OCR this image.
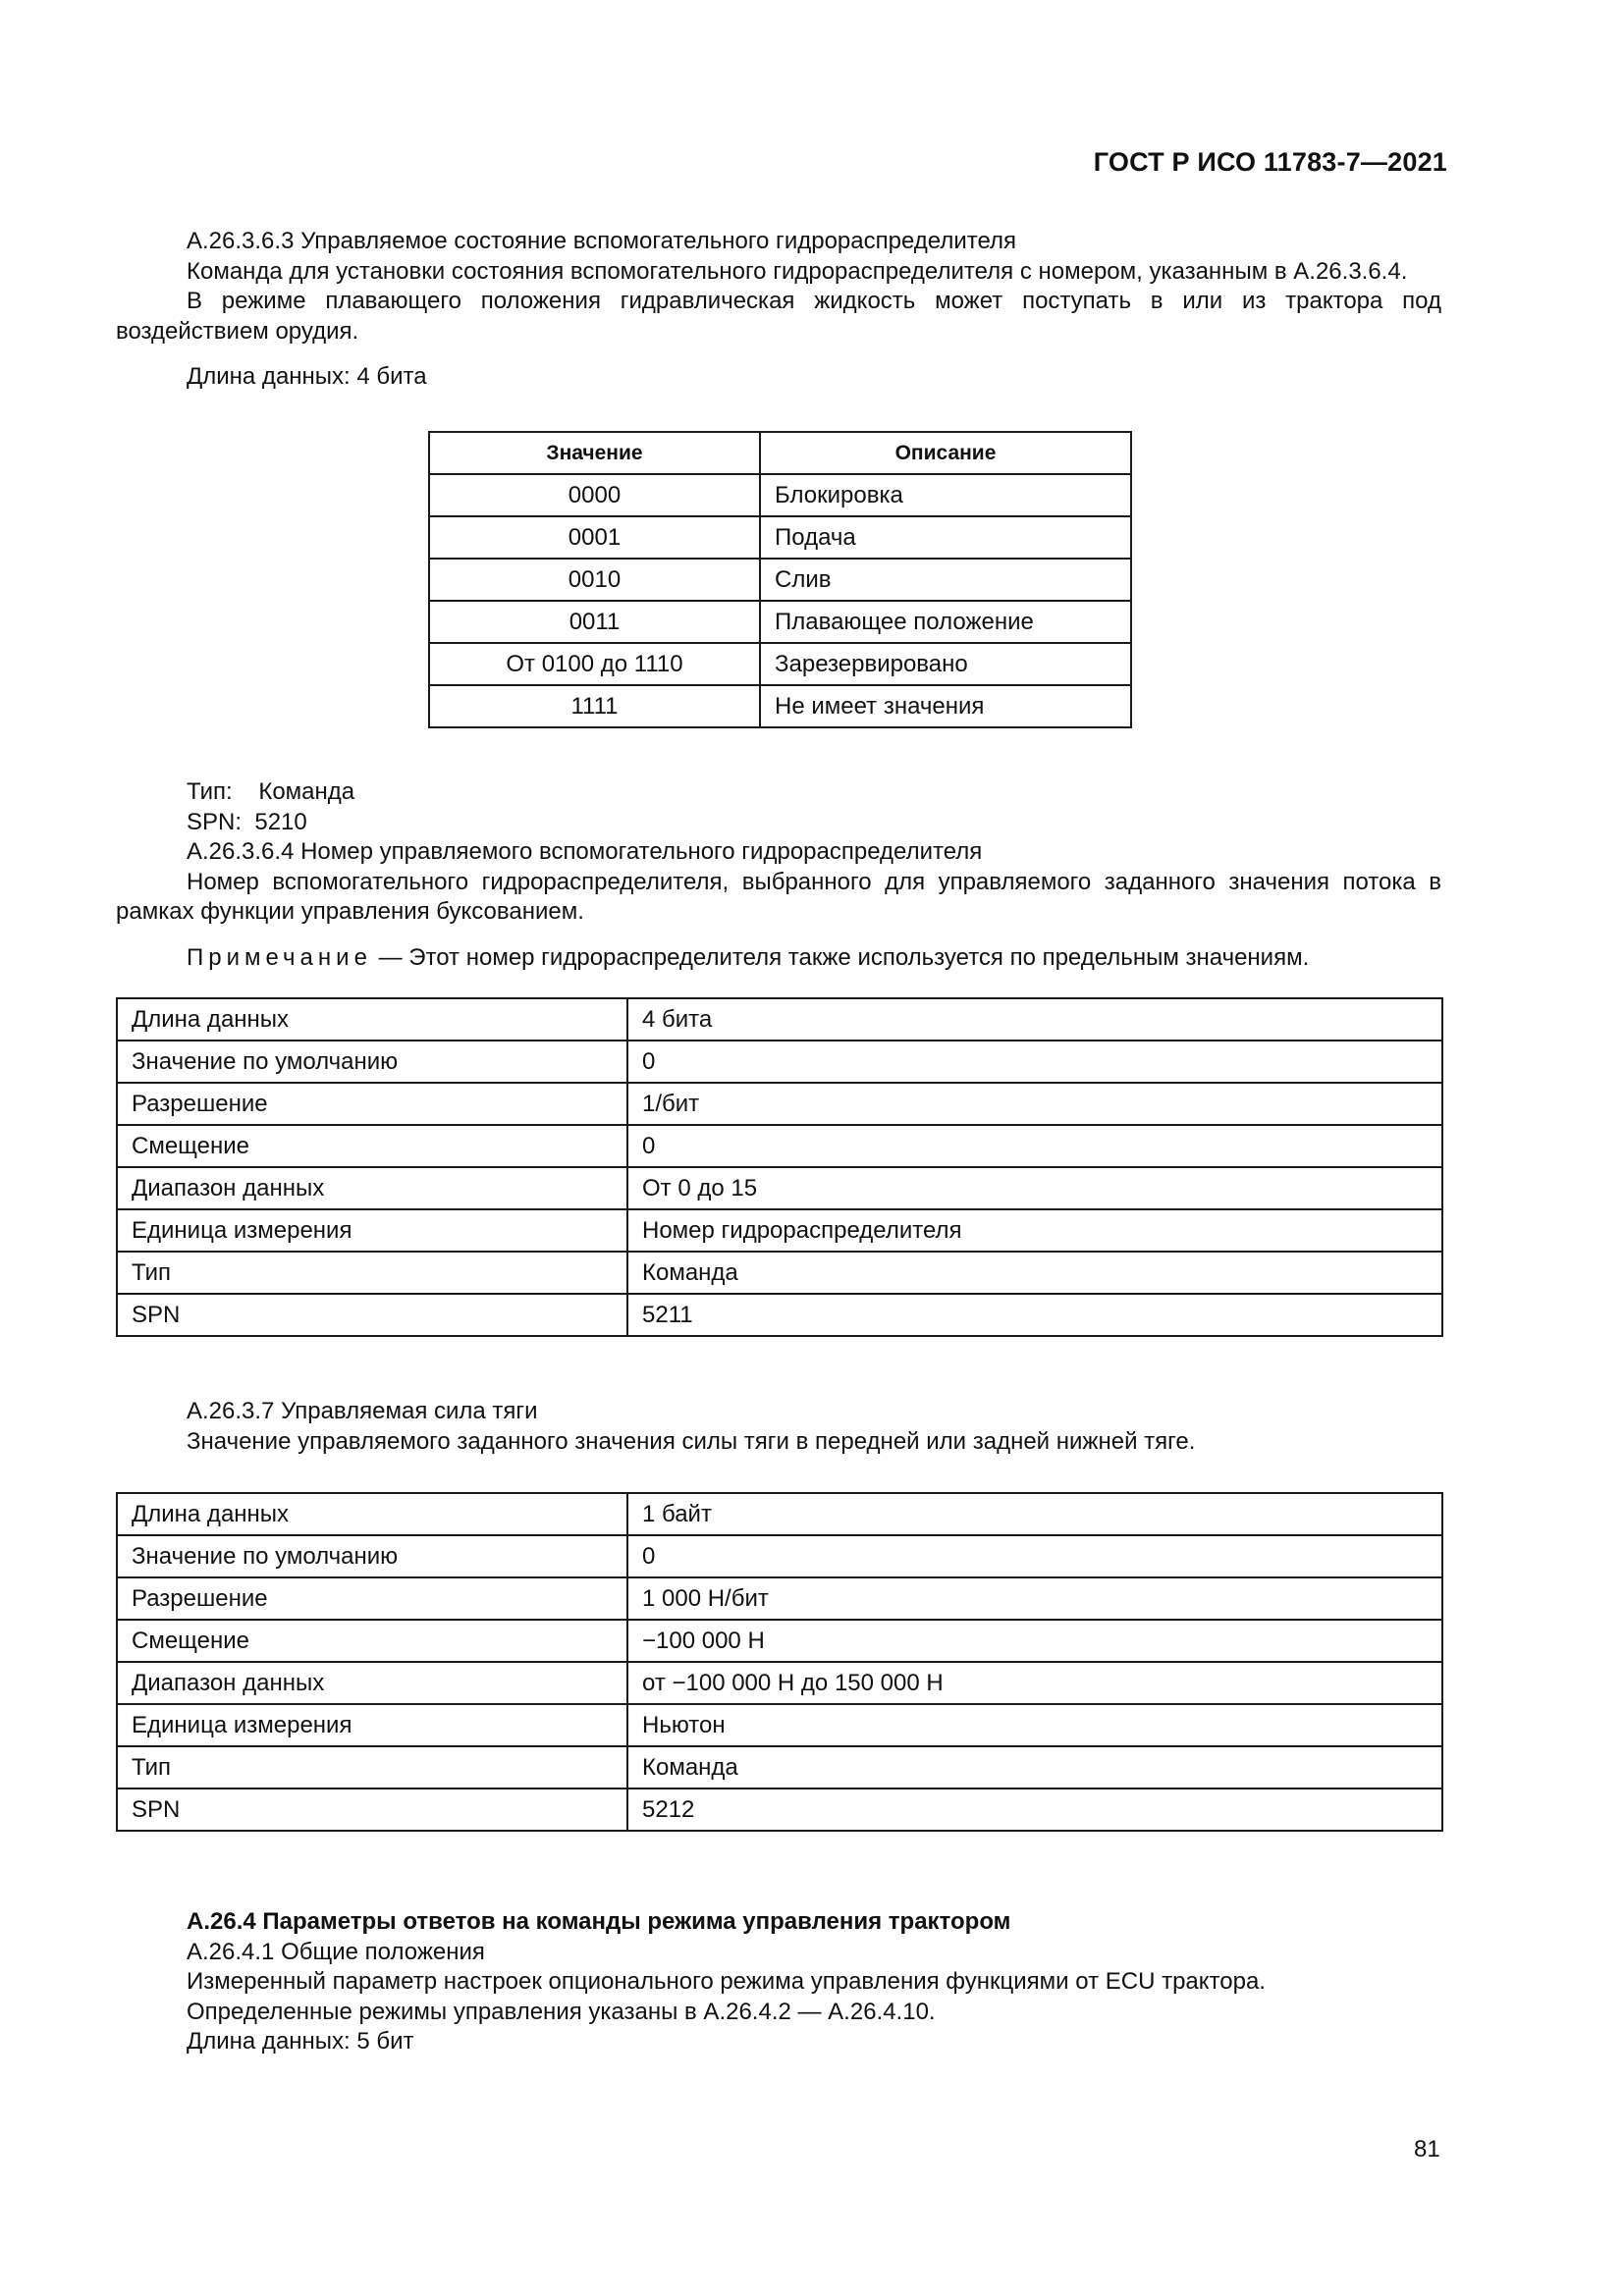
ГОСТ Р ИСО 11783-7—2021

А.26.3.6.3 Управляемое состояние вспомогательного гидрораспределителя

Команда для установки состояния вспомогательного гидрораспределителя с номером, указанным в А.26.3.6.4.

В режиме плавающего положения гидравлическая жидкость может поступать в или из трактора под воздействием орудия.

Длина данных: 4 бита

Значение	Описание
0000	Блокировка
0001	Подача
0010	Слив
0011	Плавающее положение
От 0100 до 1110	Зарезервировано
1111	Не имеет значения

Тип:    Команда

SPN:  5210

А.26.3.6.4 Номер управляемого вспомогательного гидрораспределителя

Номер вспомогательного гидрораспределителя, выбранного для управляемого заданного значения потока в рамках функции управления буксованием.

Примечание — Этот номер гидрораспределителя также используется по предельным значениям.

Длина данных	4 бита
Значение по умолчанию	0
Разрешение	1/бит
Смещение	0
Диапазон данных	От 0 до 15
Единица измерения	Номер гидрораспределителя
Тип	Команда
SPN	5211

А.26.3.7 Управляемая сила тяги

Значение управляемого заданного значения силы тяги в передней или задней нижней тяге.

Длина данных	1 байт
Значение по умолчанию	0
Разрешение	1 000 Н/бит
Смещение	−100 000 Н
Диапазон данных	от −100 000 Н до 150 000 Н
Единица измерения	Ньютон
Тип	Команда
SPN	5212

А.26.4 Параметры ответов на команды режима управления трактором

А.26.4.1 Общие положения

Измеренный параметр настроек опционального режима управления функциями от ECU трактора.

Определенные режимы управления указаны в А.26.4.2 — А.26.4.10.

Длина данных: 5 бит

81
